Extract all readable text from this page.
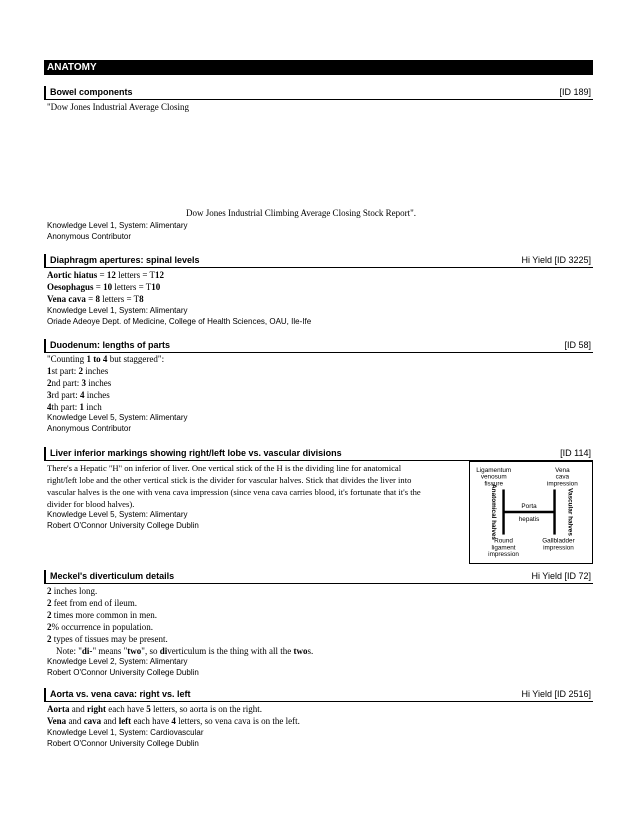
ANATOMY
Bowel components	[ID 189]
"Dow Jones Industrial Average Closing
Dow Jones Industrial Climbing Average Closing Stock Report".
Knowledge Level 1, System: Alimentary
Anonymous Contributor
Diaphragm apertures: spinal levels	Hi Yield [ID 3225]
Aortic hiatus = 12 letters = T12
Oesophagus = 10 letters = T10
Vena cava = 8 letters = T8
Knowledge Level 1, System: Alimentary
Oriade Adeoye Dept. of Medicine, College of Health Sciences, OAU, Ile-Ife
Duodenum: lengths of parts	[ID 58]
"Counting 1 to 4 but staggered":
1st part: 2 inches
2nd part: 3 inches
3rd part: 4 inches
4th part: 1 inch
Knowledge Level 5, System: Alimentary
Anonymous Contributor
Liver inferior markings showing right/left lobe vs. vascular divisions	[ID 114]
There's a Hepatic "H" on inferior of liver. One vertical stick of the H is the dividing line for anatomical
right/left lobe and the other vertical stick is the divider for vascular halves. Stick that divides the liver into
vascular halves is the one with vena cava impression (since vena cava carries blood, it's fortunate that it's the
divider for blood halves).
Knowledge Level 5, System: Alimentary
Robert O'Connor University College Dublin
Ligamentum
venosum
fissure
Vena
cava
impression
Anatomical halves	Vascular halves
Porta
hepatis
Round
ligament
impression
Gallbladder
impression
Meckel's diverticulum details	Hi Yield [ID 72]
2 inches long.
2 feet from end of ileum.
2 times more common in men.
2% occurrence in population.
2 types of tissues may be present.
Note: "di-" means "two", so diverticulum is the thing with all the twos.
Knowledge Level 2, System: Alimentary
Robert O'Connor University College Dublin
Aorta vs. vena cava: right vs. left	Hi Yield [ID 2516]
Aorta and right each have 5 letters, so aorta is on the right.
Vena and cava and left each have 4 letters, so vena cava is on the left.
Knowledge Level 1, System: Cardiovascular
Robert O'Connor University College Dublin
